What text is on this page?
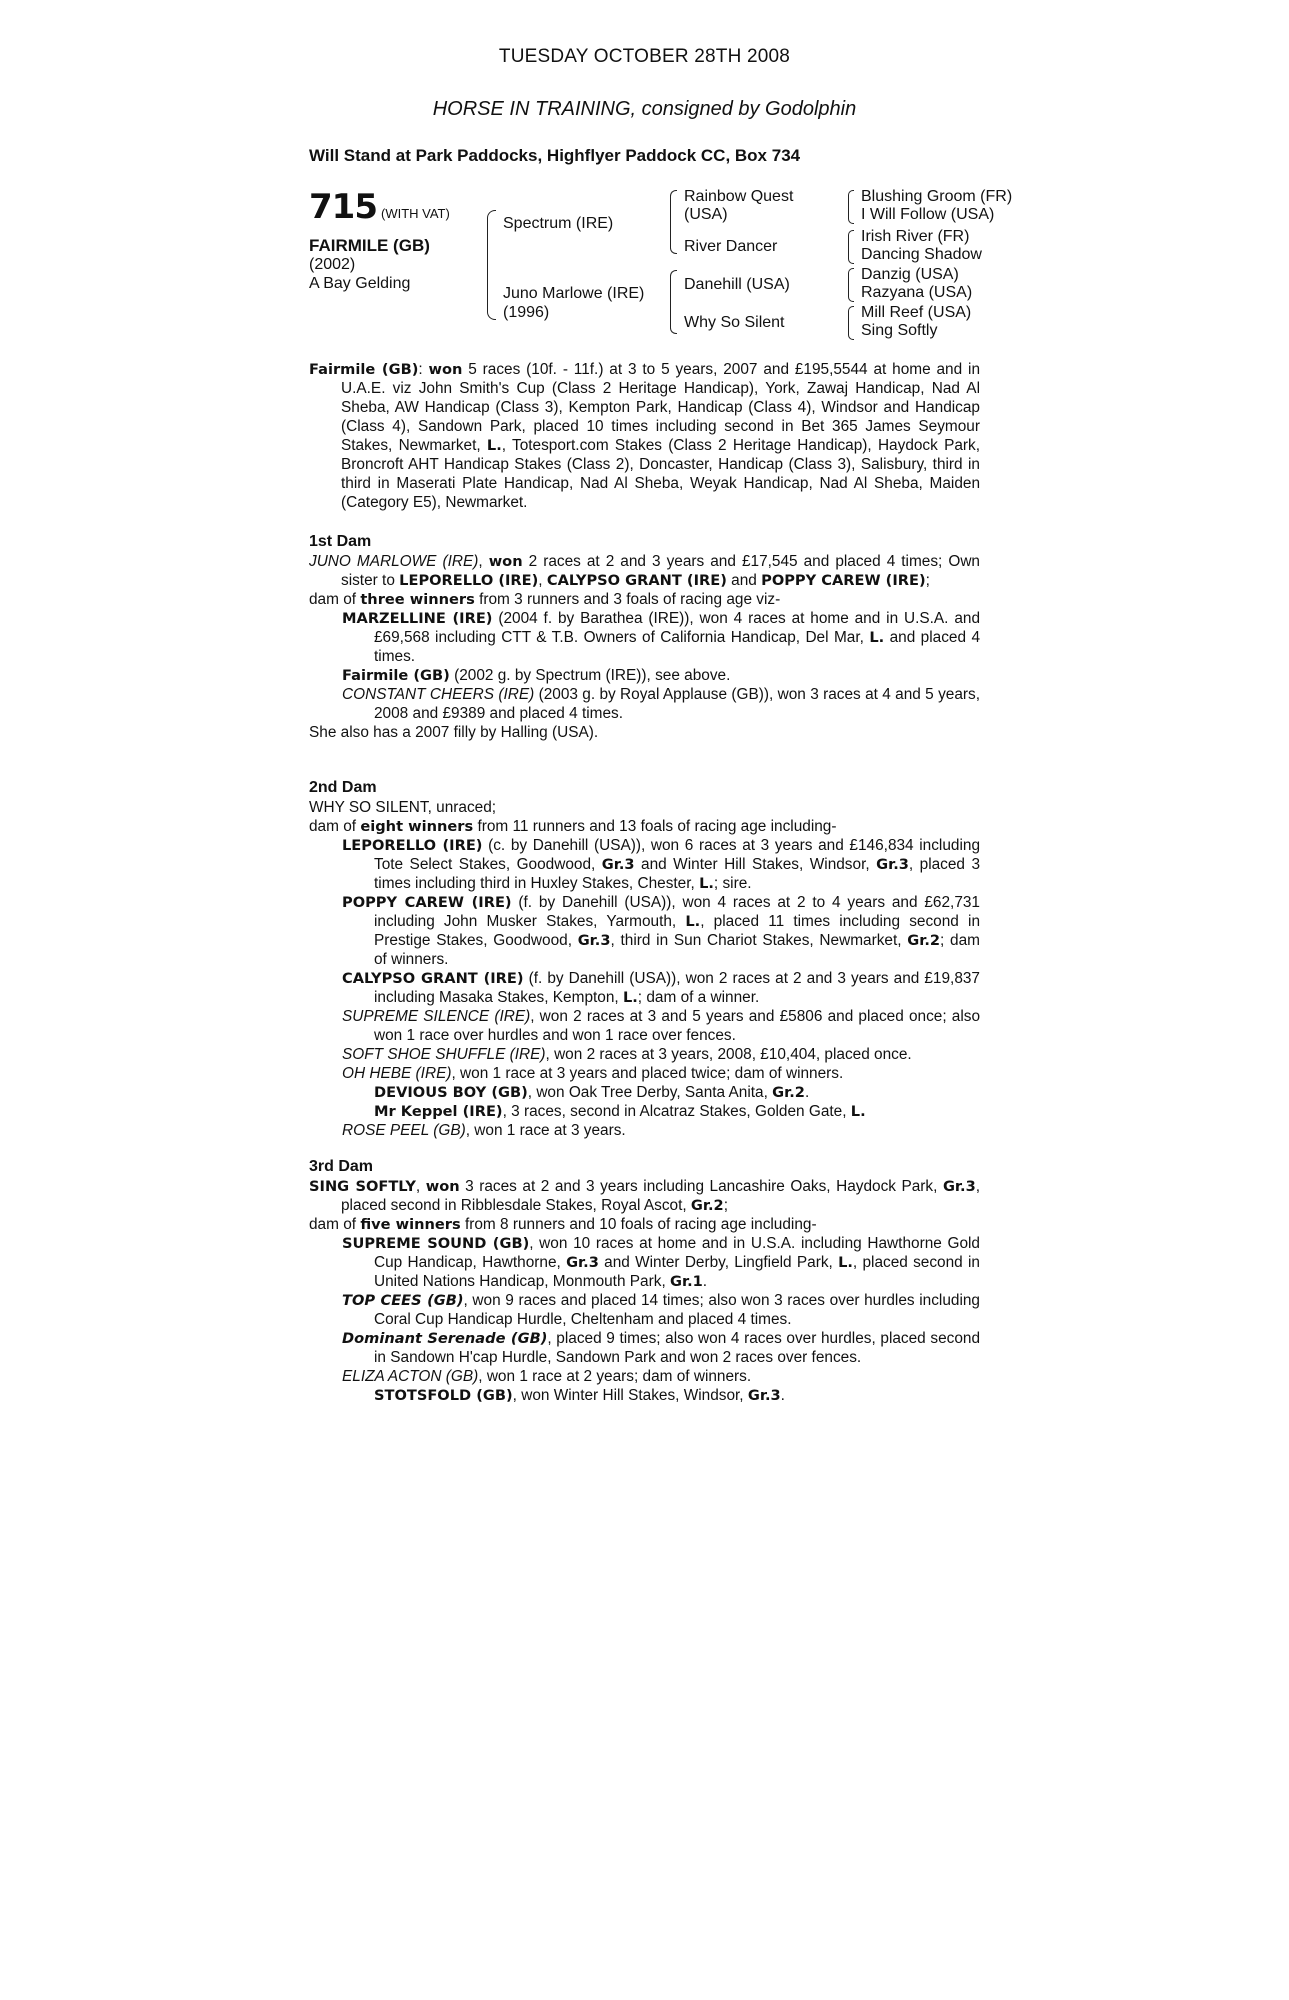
TUESDAY OCTOBER 28TH 2008
HORSE IN TRAINING, consigned by Godolphin
Will Stand at Park Paddocks, Highflyer Paddock CC, Box 734
715 (WITH VAT)
FAIRMILE (GB)
(2002)
A Bay Gelding
Spectrum (IRE)
Juno Marlowe (IRE)
(1996)
Rainbow Quest
(USA)
River Dancer
Danehill (USA)
Why So Silent
Blushing Groom (FR)
I Will Follow (USA)
Irish River (FR)
Dancing Shadow
Danzig (USA)
Razyana (USA)
Mill Reef (USA)
Sing Softly

Fairmile (GB): won 5 races (10f. - 11f.) at 3 to 5 years, 2007 and £195,5544 at home and in U.A.E. viz John Smith's Cup (Class 2 Heritage Handicap), York, Zawaj Handicap, Nad Al Sheba, AW Handicap (Class 3), Kempton Park, Handicap (Class 4), Windsor and Handicap (Class 4), Sandown Park, placed 10 times including second in Bet 365 James Seymour Stakes, Newmarket, L., Totesport.com Stakes (Class 2 Heritage Handicap), Haydock Park, Broncroft AHT Handicap Stakes (Class 2), Doncaster, Handicap (Class 3), Salisbury, third in third in Maserati Plate Handicap, Nad Al Sheba, Weyak Handicap, Nad Al Sheba, Maiden (Category E5), Newmarket.

1st Dam

JUNO MARLOWE (IRE), won 2 races at 2 and 3 years and £17,545 and placed 4 times; Own sister to LEPORELLO (IRE), CALYPSO GRANT (IRE) and POPPY CAREW (IRE);

dam of three winners from 3 runners and 3 foals of racing age viz-

MARZELLINE (IRE) (2004 f. by Barathea (IRE)), won 4 races at home and in U.S.A. and £69,568 including CTT & T.B. Owners of California Handicap, Del Mar, L. and placed 4 times.

Fairmile (GB) (2002 g. by Spectrum (IRE)), see above.

CONSTANT CHEERS (IRE) (2003 g. by Royal Applause (GB)), won 3 races at 4 and 5 years, 2008 and £9389 and placed 4 times.

She also has a 2007 filly by Halling (USA).

2nd Dam

WHY SO SILENT, unraced;

dam of eight winners from 11 runners and 13 foals of racing age including-

LEPORELLO (IRE) (c. by Danehill (USA)), won 6 races at 3 years and £146,834 including Tote Select Stakes, Goodwood, Gr.3 and Winter Hill Stakes, Windsor, Gr.3, placed 3 times including third in Huxley Stakes, Chester, L.; sire.

POPPY CAREW (IRE) (f. by Danehill (USA)), won 4 races at 2 to 4 years and £62,731 including John Musker Stakes, Yarmouth, L., placed 11 times including second in Prestige Stakes, Goodwood, Gr.3, third in Sun Chariot Stakes, Newmarket, Gr.2; dam of winners.

CALYPSO GRANT (IRE) (f. by Danehill (USA)), won 2 races at 2 and 3 years and £19,837 including Masaka Stakes, Kempton, L.; dam of a winner.

SUPREME SILENCE (IRE), won 2 races at 3 and 5 years and £5806 and placed once; also won 1 race over hurdles and won 1 race over fences.

SOFT SHOE SHUFFLE (IRE), won 2 races at 3 years, 2008, £10,404, placed once.

OH HEBE (IRE), won 1 race at 3 years and placed twice; dam of winners.

DEVIOUS BOY (GB), won Oak Tree Derby, Santa Anita, Gr.2.

Mr Keppel (IRE), 3 races, second in Alcatraz Stakes, Golden Gate, L.

ROSE PEEL (GB), won 1 race at 3 years.

3rd Dam

SING SOFTLY, won 3 races at 2 and 3 years including Lancashire Oaks, Haydock Park, Gr.3, placed second in Ribblesdale Stakes, Royal Ascot, Gr.2;

dam of five winners from 8 runners and 10 foals of racing age including-

SUPREME SOUND (GB), won 10 races at home and in U.S.A. including Hawthorne Gold Cup Handicap, Hawthorne, Gr.3 and Winter Derby, Lingfield Park, L., placed second in United Nations Handicap, Monmouth Park, Gr.1.

TOP CEES (GB), won 9 races and placed 14 times; also won 3 races over hurdles including Coral Cup Handicap Hurdle, Cheltenham and placed 4 times.

Dominant Serenade (GB), placed 9 times; also won 4 races over hurdles, placed second in Sandown H'cap Hurdle, Sandown Park and won 2 races over fences.

ELIZA ACTON (GB), won 1 race at 2 years; dam of winners.

STOTSFOLD (GB), won Winter Hill Stakes, Windsor, Gr.3.
